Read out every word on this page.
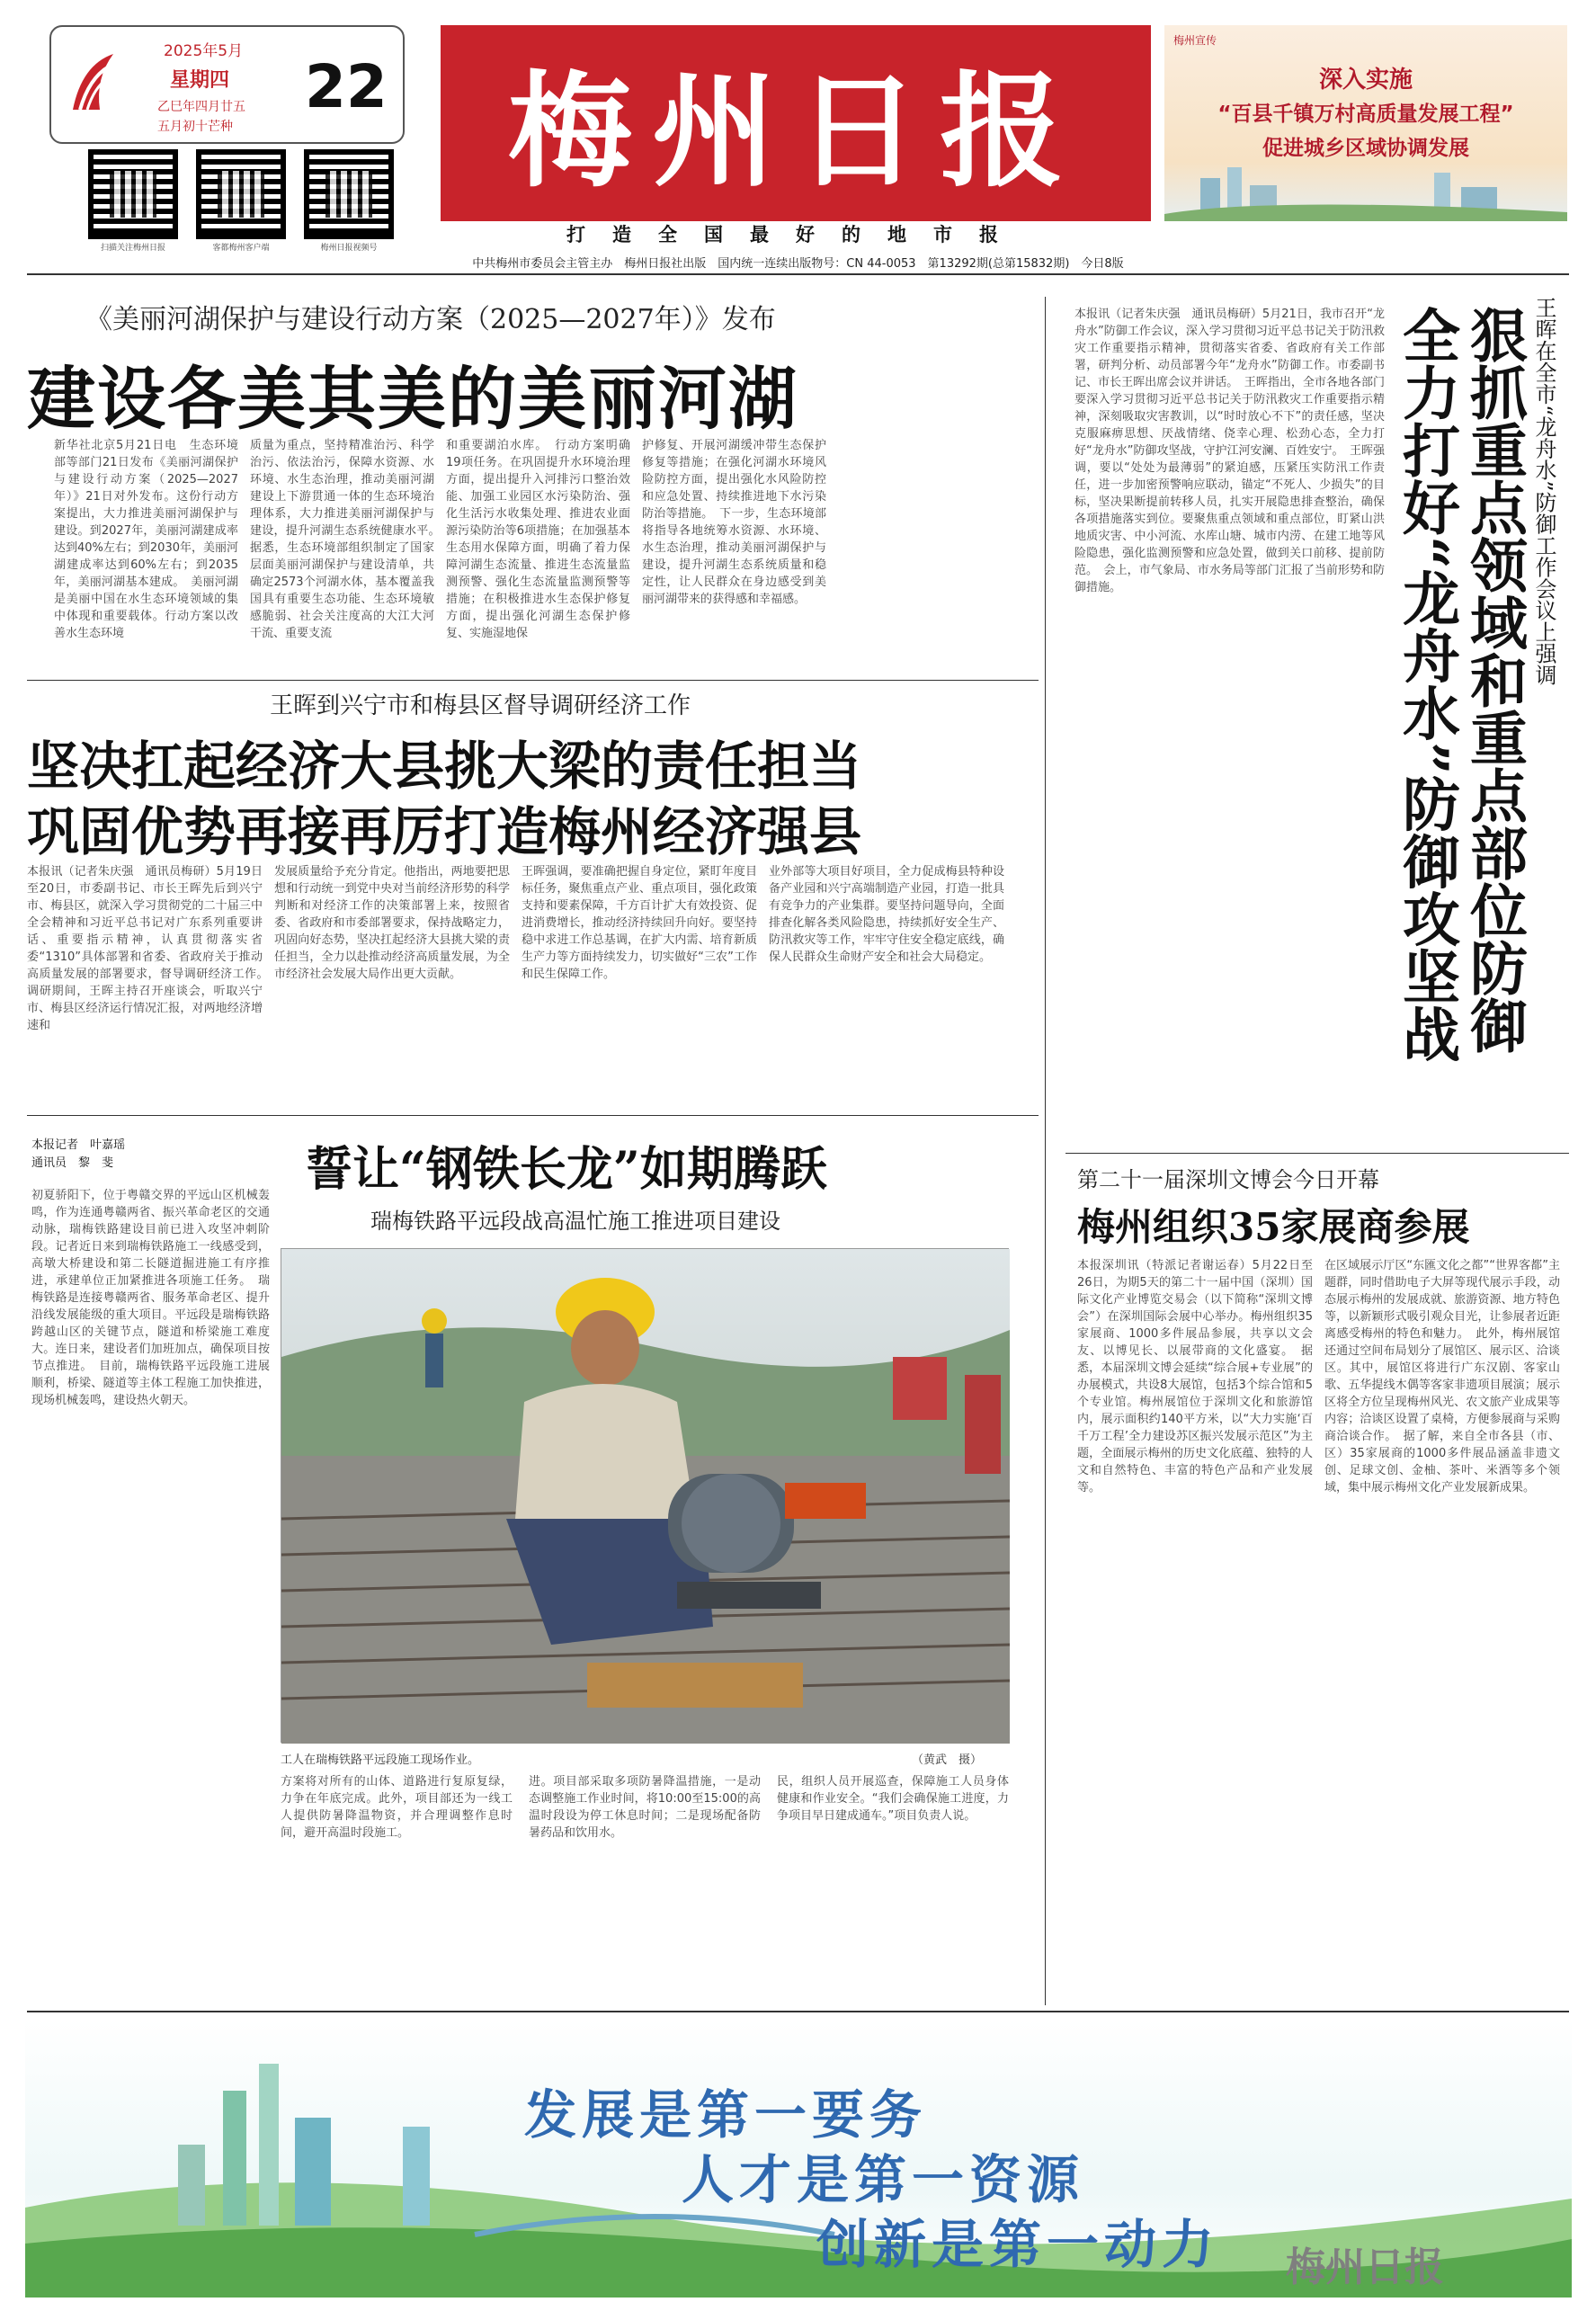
2025年5月
星期四
乙巳年四月廿五
五月初十芒种
22
扫描关注梅州日报	客都梅州客户端	梅州日报视频号
梅州日报
打造全国最好的地市报
梅州宣传
深入实施
“百县千镇万村高质量发展工程”
促进城乡区域协调发展
中共梅州市委员会主管主办　梅州日报社出版　国内统一连续出版物号：CN 44-0053　第13292期(总第15832期)　今日8版
《美丽河湖保护与建设行动方案（2025—2027年）》发布
建设各美其美的美丽河湖
新华社北京5月21日电　生态环境部等部门21日发布《美丽河湖保护与建设行动方案（2025—2027年）》21日对外发布。这份行动方案提出，大力推进美丽河湖保护与建设。到2027年，美丽河湖建成率达到40%左右；到2030年，美丽河湖建成率达到60%左右；到2035年，美丽河湖基本建成。　美丽河湖是美丽中国在水生态环境领域的集中体现和重要载体。行动方案以改善水生态环境
质量为重点，坚持精准治污、科学治污、依法治污，保障水资源、水环境、水生态治理，推动美丽河湖建设上下游贯通一体的生态环境治理体系，大力推进美丽河湖保护与建设，提升河湖生态系统健康水平。　据悉，生态环境部组织制定了国家层面美丽河湖保护与建设清单，共确定2573个河湖水体，基本覆盖我国具有重要生态功能、生态环境敏感脆弱、社会关注度高的大江大河干流、重要支流
和重要湖泊水库。　行动方案明确19项任务。在巩固提升水环境治理方面，提出提升入河排污口整治效能、加强工业园区水污染防治、强化生活污水收集处理、推进农业面源污染防治等6项措施；在加强基本生态用水保障方面，明确了着力保障河湖生态流量、推进生态流量监测预警、强化生态流量监测预警等措施；在积极推进水生态保护修复方面，提出强化河湖生态保护修复、实施湿地保
护修复、开展河湖缓冲带生态保护修复等措施；在强化河湖水环境风险防控方面，提出强化水风险防控和应急处置、持续推进地下水污染防治等措施。　下一步，生态环境部将指导各地统筹水资源、水环境、水生态治理，推动美丽河湖保护与建设，提升河湖生态系统质量和稳定性，让人民群众在身边感受到美丽河湖带来的获得感和幸福感。
王晖到兴宁市和梅县区督导调研经济工作
坚决扛起经济大县挑大梁的责任担当
巩固优势再接再厉打造梅州经济强县
本报讯（记者朱庆强　通讯员梅研）5月19日至20日，市委副书记、市长王晖先后到兴宁市、梅县区，就深入学习贯彻党的二十届三中全会精神和习近平总书记对广东系列重要讲话、重要指示精神，认真贯彻落实省委“1310”具体部署和省委、省政府关于推动高质量发展的部署要求，督导调研经济工作。　调研期间，王晖主持召开座谈会，听取兴宁市、梅县区经济运行情况汇报，对两地经济增速和
发展质量给予充分肯定。他指出，两地要把思想和行动统一到党中央对当前经济形势的科学判断和对经济工作的决策部署上来，按照省委、省政府和市委部署要求，保持战略定力，巩固向好态势，坚决扛起经济大县挑大梁的责任担当，全力以赴推动经济高质量发展，为全市经济社会发展大局作出更大贡献。
王晖强调，要准确把握自身定位，紧盯年度目标任务，聚焦重点产业、重点项目，强化政策支持和要素保障，千方百计扩大有效投资、促进消费增长，推动经济持续回升向好。要坚持稳中求进工作总基调，在扩大内需、培育新质生产力等方面持续发力，切实做好“三农”工作和民生保障工作。
业外部等大项目好项目，全力促成梅县特种设备产业园和兴宁高端制造产业园，打造一批具有竞争力的产业集群。要坚持问题导向，全面排查化解各类风险隐患，持续抓好安全生产、防汛救灾等工作，牢牢守住安全稳定底线，确保人民群众生命财产安全和社会大局稳定。
本报记者　叶嘉瑶
通讯员　黎　斐	誓让“钢铁长龙”如期腾跃
瑞梅铁路平远段战高温忙施工推进项目建设
初夏骄阳下，位于粤赣交界的平远山区机械轰鸣，作为连通粤赣两省、振兴革命老区的交通动脉，瑞梅铁路建设目前已进入攻坚冲刺阶段。记者近日来到瑞梅铁路施工一线感受到，高墩大桥建设和第二长隧道掘进施工有序推进，承建单位正加紧推进各项施工任务。　瑞梅铁路是连接粤赣两省、服务革命老区、提升沿线发展能级的重大项目。平远段是瑞梅铁路跨越山区的关键节点，隧道和桥梁施工难度大。连日来，建设者们加班加点，确保项目按节点推进。　目前，瑞梅铁路平远段施工进展顺利，桥梁、隧道等主体工程施工加快推进，现场机械轰鸣，建设热火朝天。
工人在瑞梅铁路平远段施工现场作业。	（黄武　摄）
方案将对所有的山体、道路进行复原复绿，力争在年底完成。此外，项目部还为一线工人提供防暑降温物资，并合理调整作息时间，避开高温时段施工。
进。项目部采取多项防暑降温措施，一是动态调整施工作业时间，将10:00至15:00的高温时段设为停工休息时间；二是现场配备防暑药品和饮用水。
民，组织人员开展巡查，保障施工人员身体健康和作业安全。“我们会确保施工进度，力争项目早日建成通车。”项目负责人说。
本报讯（记者朱庆强　通讯员梅研）5月21日，我市召开“龙舟水”防御工作会议，深入学习贯彻习近平总书记关于防汛救灾工作重要指示精神，贯彻落实省委、省政府有关工作部署，研判分析、动员部署今年“龙舟水”防御工作。市委副书记、市长王晖出席会议并讲话。　王晖指出，全市各地各部门要深入学习贯彻习近平总书记关于防汛救灾工作重要指示精神，深刻吸取灾害教训，以“时时放心不下”的责任感，坚决克服麻痹思想、厌战情绪、侥幸心理、松劲心态，全力打好“龙舟水”防御攻坚战，守护江河安澜、百姓安宁。　王晖强调，要以“处处为最薄弱”的紧迫感，压紧压实防汛工作责任，进一步加密预警响应联动，锚定“不死人、少损失”的目标，坚决果断提前转移人员，扎实开展隐患排查整治，确保各项措施落实到位。要聚焦重点领域和重点部位，盯紧山洪地质灾害、中小河流、水库山塘、城市内涝、在建工地等风险隐患，强化监测预警和应急处置，做到关口前移、提前防范。　会上，市气象局、市水务局等部门汇报了当前形势和防御措施。	王晖在全市“龙舟水”防御工作会议上强调
狠抓重点领域和重点部位防御
全力打好“龙舟水”防御攻坚战
第二十一届深圳文博会今日开幕
梅州组织35家展商参展
本报深圳讯（特派记者谢运春）5月22日至26日，为期5天的第二十一届中国（深圳）国际文化产业博览交易会（以下简称“深圳文博会”）在深圳国际会展中心举办。梅州组织35家展商、1000多件展品参展，共享以文会友、以博见长、以展带商的文化盛宴。　据悉，本届深圳文博会延续“综合展+专业展”的办展模式，共设8大展馆，包括3个综合馆和5个专业馆。梅州展馆位于深圳文化和旅游馆内，展示面积约140平方米，以“大力实施‘百千万工程’全力建设苏区振兴发展示范区”为主题，全面展示梅州的历史文化底蕴、独特的人文和自然特色、丰富的特色产品和产业发展等。
在区域展示厅区“东匯文化之都”“世界客都”主题群，同时借助电子大屏等现代展示手段，动态展示梅州的发展成就、旅游资源、地方特色等，以新颖形式吸引观众目光，让参展者近距离感受梅州的特色和魅力。　此外，梅州展馆还通过空间布局划分了展馆区、展示区、洽谈区。其中，展馆区将进行广东汉剧、客家山歌、五华提线木偶等客家非遗项目展演；展示区将全方位呈现梅州风光、农文旅产业成果等内容；洽谈区设置了桌椅，方便参展商与采购商洽谈合作。　据了解，来自全市各县（市、区）35家展商的1000多件展品涵盖非遗文创、足球文创、金柚、茶叶、米酒等多个领域，集中展示梅州文化产业发展新成果。
发展是第一要务
人才是第一资源
创新是第一动力 梅州日报
